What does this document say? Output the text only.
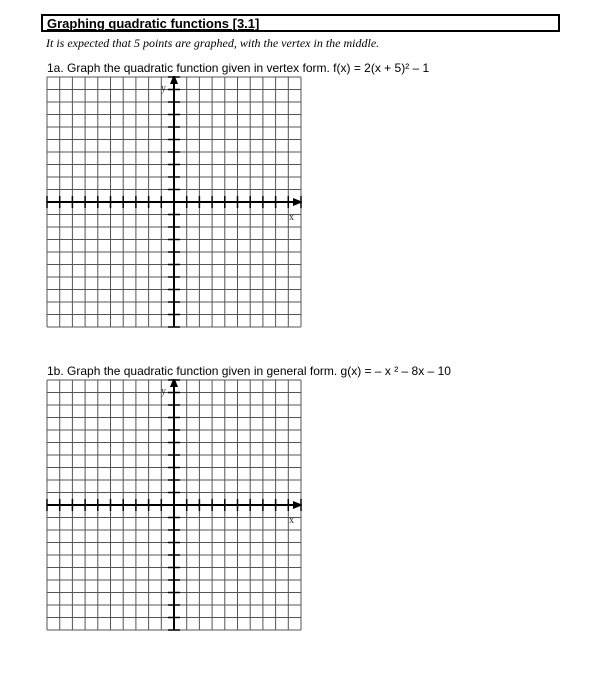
Graphing quadratic functions [3.1]
It is expected that 5 points are graphed, with the vertex in the middle.
1a. Graph the quadratic function given in vertex form. f(x) = 2(x + 5)² – 1
x
y
1b. Graph the quadratic function given in general form. g(x) = – x ² – 8x – 10
x
y
